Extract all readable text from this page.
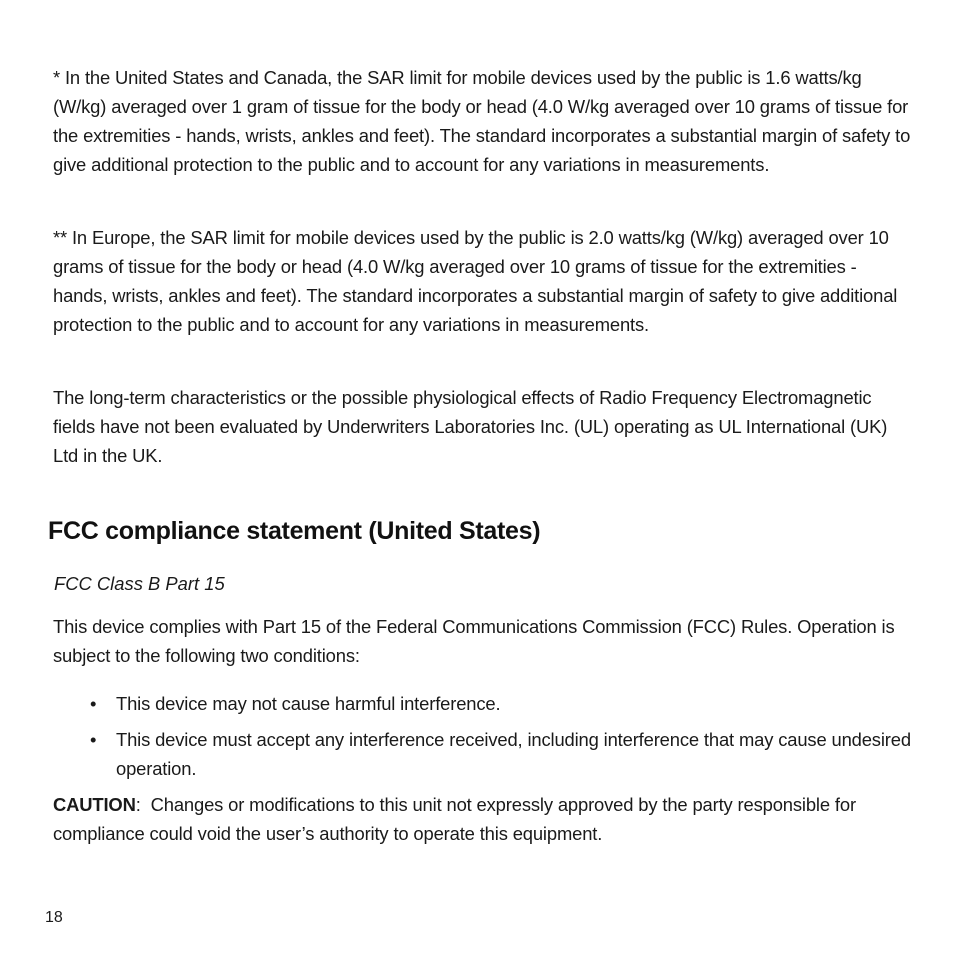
* In the United States and Canada, the SAR limit for mobile devices used by the public is 1.6 watts/kg (W/kg) averaged over 1 gram of tissue for the body or head (4.0 W/kg averaged over 10 grams of tissue for the extremities - hands, wrists, ankles and feet). The standard incorporates a substantial margin of safety to give additional protection to the public and to account for any variations in measurements.

** In Europe, the SAR limit for mobile devices used by the public is 2.0 watts/kg (W/kg) averaged over 10 grams of tissue for the body or head (4.0 W/kg averaged over 10 grams of tissue for the extremities - hands, wrists, ankles and feet). The standard incorporates a substantial margin of safety to give additional protection to the public and to account for any variations in measurements.

The long-term characteristics or the possible physiological effects of Radio Frequency Electromagnetic fields have not been evaluated by Underwriters Laboratories Inc. (UL) operating as UL International (UK) Ltd in the UK.

FCC compliance statement (United States)

FCC Class B Part 15

This device complies with Part 15 of the Federal Communications Commission (FCC) Rules. Operation is subject to the following two conditions:

• This device may not cause harmful interference.
• This device must accept any interference received, including interference that may cause undesired operation.

CAUTION: Changes or modifications to this unit not expressly approved by the party responsible for compliance could void the user’s authority to operate this equipment.

18
